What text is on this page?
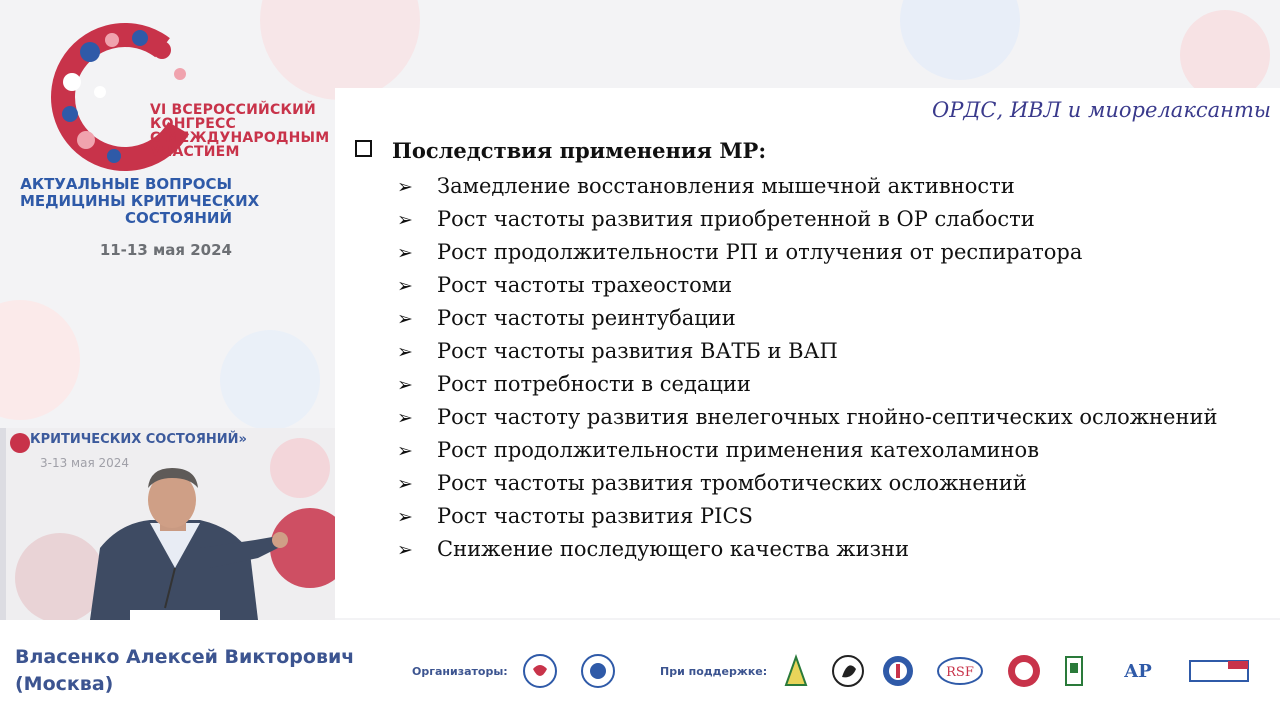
VI ВСЕРОССИЙСКИЙ
КОНГРЕСС
С МЕЖДУНАРОДНЫМ
УЧАСТИЕМ
АКТУАЛЬНЫЕ ВОПРОСЫ
МЕДИЦИНЫ КРИТИЧЕСКИХ
СОСТОЯНИЙ
11-13 мая 2024
ОРДС, ИВЛ и миорелаксанты
Последствия применения МР:
➢ Замедление восстановления мышечной активности
➢ Рост частоты развития приобретенной в ОР слабости
➢ Рост продолжительности РП и отлучения от респиратора
➢ Рост частоты трахеостоми
➢ Рост частоты реинтубации
➢ Рост частоты развития ВАТБ и ВАП
➢ Рост потребности в седации
➢ Рост частоту развития внелегочных гнойно-септических осложнений
➢ Рост продолжительности применения катехоламинов
➢ Рост частоты развития тромботических осложнений
➢ Рост частоты развития PICS
➢ Снижение последующего качества жизни
КРИТИЧЕСКИХ СОСТОЯНИЙ»
3-13 мая 2024
Власенко Алексей Викторович
(Москва)
Организаторы:	При поддержке:	RSF	AP
